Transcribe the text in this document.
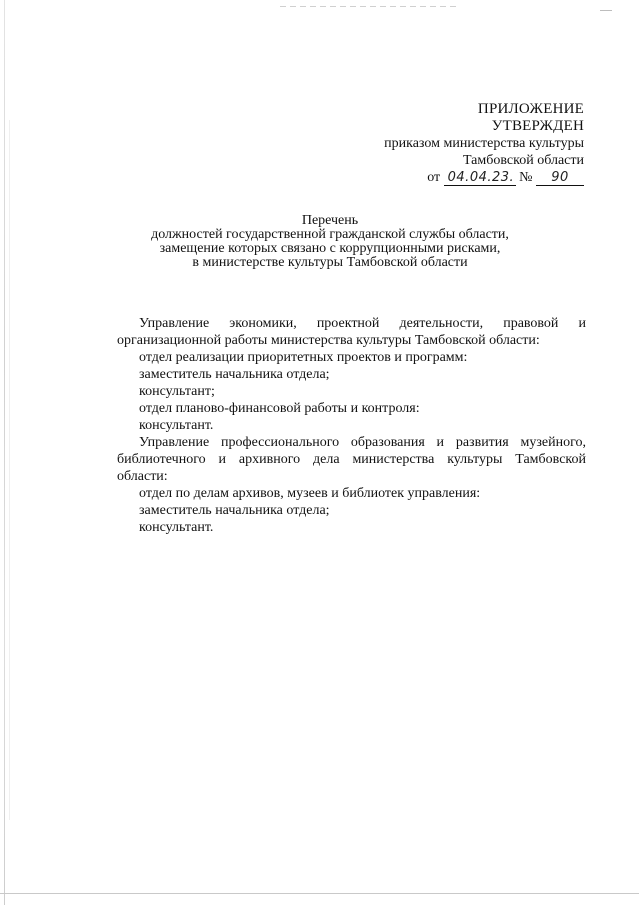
ПРИЛОЖЕНИЕ
УТВЕРЖДЕН
приказом министерства культуры
Тамбовской области
от 04.04.23. № 90
Перечень
должностей государственной гражданской службы области,
замещение которых связано с коррупционными рисками,
в министерстве культуры Тамбовской области

Управление экономики, проектной деятельности, правовой и

организационной работы министерства культуры Тамбовской области:

отдел реализации приоритетных проектов и программ:

заместитель начальника отдела;

консультант;

отдел планово-финансовой работы и контроля:

консультант.

Управление профессионального образования и развития музейного,

библиотечного и архивного дела министерства культуры Тамбовской

области:

отдел по делам архивов, музеев и библиотек управления:

заместитель начальника отдела;

консультант.
